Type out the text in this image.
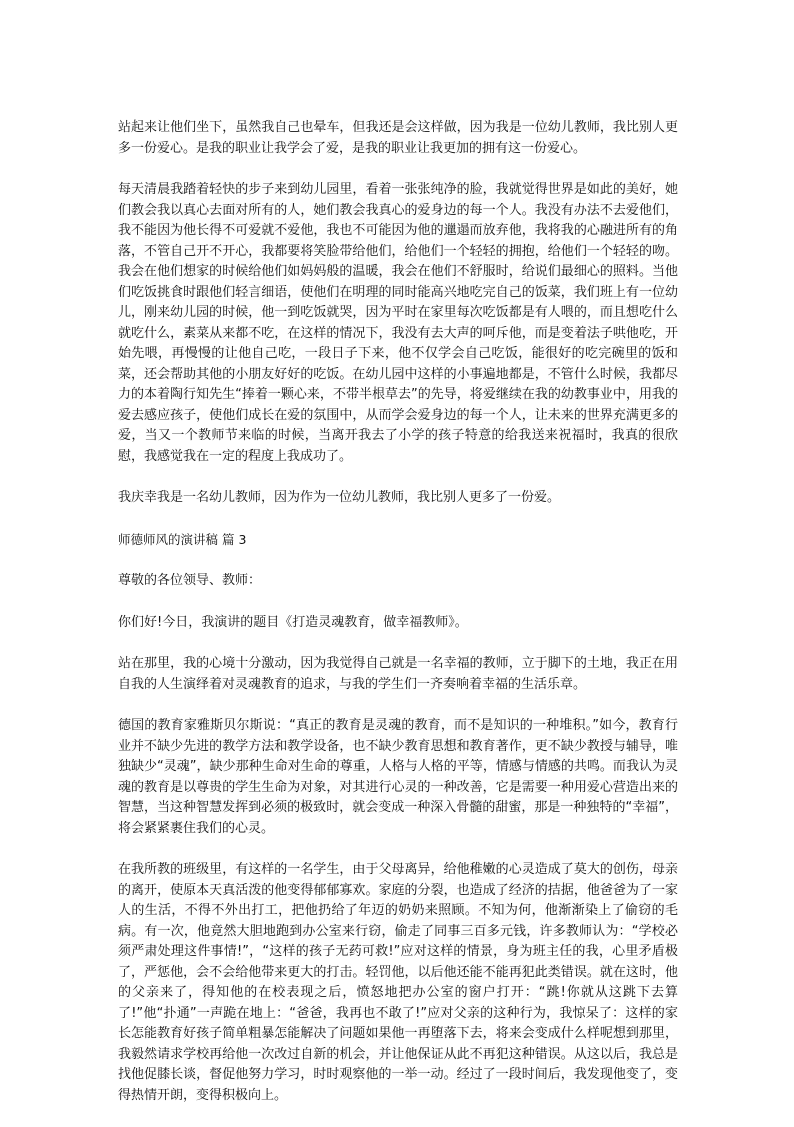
站起来让他们坐下，虽然我自己也晕车，但我还是会这样做，因为我是一位幼儿教师，我比别人更多一份爱心。是我的职业让我学会了爱，是我的职业让我更加的拥有这一份爱心。

每天清晨我踏着轻快的步子来到幼儿园里，看着一张张纯净的脸，我就觉得世界是如此的美好，她们教会我以真心去面对所有的人，她们教会我真心的爱身边的每一个人。我没有办法不去爱他们，我不能因为他长得不可爱就不爱他，我也不可能因为他的邋遢而放弃他，我将我的心融进所有的角落，不管自己开不开心，我都要将笑脸带给他们，给他们一个轻轻的拥抱，给他们一个轻轻的吻。我会在他们想家的时候给他们如妈妈般的温暖，我会在他们不舒服时，给说们最细心的照料。当他们吃饭挑食时跟他们轻言细语，使他们在明理的同时能高兴地吃完自己的饭菜，我们班上有一位幼儿，刚来幼儿园的时候，他一到吃饭就哭，因为平时在家里每次吃饭都是有人喂的，而且想吃什么就吃什么，素菜从来都不吃，在这样的情况下，我没有去大声的呵斥他，而是变着法子哄他吃，开始先喂，再慢慢的让他自己吃，一段日子下来，他不仅学会自己吃饭，能很好的吃完碗里的饭和菜，还会帮助其他的小朋友好好的吃饭。在幼儿园中这样的小事遍地都是，不管什么时候，我都尽力的本着陶行知先生“捧着一颗心来，不带半根草去”的先导，将爱继续在我的幼教事业中，用我的爱去感应孩子，使他们成长在爱的氛围中，从而学会爱身边的每一个人，让未来的世界充满更多的爱，当又一个教师节来临的时候，当离开我去了小学的孩子特意的给我送来祝福时，我真的很欣慰，我感觉我在一定的程度上我成功了。

我庆幸我是一名幼儿教师，因为作为一位幼儿教师，我比别人更多了一份爱。

师德师风的演讲稿 篇 3

尊敬的各位领导、教师：

你们好!今日，我演讲的题目《打造灵魂教育，做幸福教师》。

站在那里，我的心境十分激动，因为我觉得自己就是一名幸福的教师，立于脚下的土地，我正在用自我的人生演绎着对灵魂教育的追求，与我的学生们一齐奏响着幸福的生活乐章。

德国的教育家雅斯贝尔斯说：“真正的教育是灵魂的教育，而不是知识的一种堆积。”如今，教育行业并不缺少先进的教学方法和教学设备，也不缺少教育思想和教育著作，更不缺少教授与辅导，唯独缺少“灵魂”，缺少那种生命对生命的尊重，人格与人格的平等，情感与情感的共鸣。而我认为灵魂的教育是以尊贵的学生生命为对象，对其进行心灵的一种改善，它是需要一种用爱心营造出来的智慧，当这种智慧发挥到必须的极致时，就会变成一种深入骨髓的甜蜜，那是一种独特的“幸福”，将会紧紧裹住我们的心灵。

在我所教的班级里，有这样的一名学生，由于父母离异，给他稚嫩的心灵造成了莫大的创伤，母亲的离开，使原本天真活泼的他变得郁郁寡欢。家庭的分裂，也造成了经济的拮据，他爸爸为了一家人的生活，不得不外出打工，把他扔给了年迈的奶奶来照顾。不知为何，他渐渐染上了偷窃的毛病。有一次，他竟然大胆地跑到办公室来行窃，偷走了同事三百多元钱，许多教师认为：“学校必须严肃处理这件事情!”，“这样的孩子无药可救!”应对这样的情景，身为班主任的我，心里矛盾极了，严惩他，会不会给他带来更大的打击。轻罚他，以后他还能不能再犯此类错误。就在这时，他的父亲来了，得知他的在校表现之后，愤怒地把办公室的窗户打开：“跳!你就从这跳下去算了!”他“扑通”一声跪在地上：“爸爸，我再也不敢了!”应对父亲的这种行为，我惊呆了：这样的家长怎能教育好孩子简单粗暴怎能解决了问题如果他一再堕落下去，将来会变成什么样呢想到那里，我毅然请求学校再给他一次改过自新的机会，并让他保证从此不再犯这种错误。从这以后，我总是找他促膝长谈，督促他努力学习，时时观察他的一举一动。经过了一段时间后，我发现他变了，变得热情开朗，变得积极向上。
